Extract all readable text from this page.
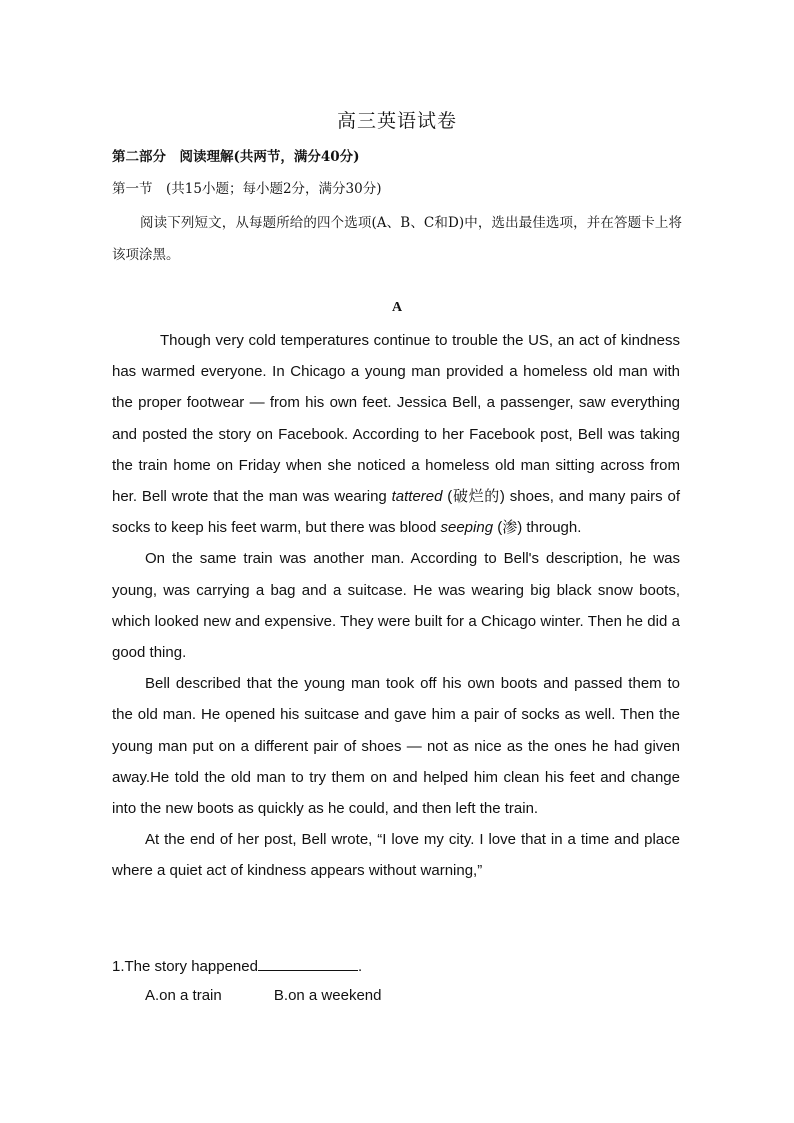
高三英语试卷
第二部分　阅读理解(共两节，满分40分)
第一节　(共15小题；每小题2分，满分30分)
阅读下列短文，从每题所给的四个选项(A、B、C和D)中，选出最佳选项，并在答题卡上将该项涂黑。
A

Though very cold temperatures continue to trouble the US, an act of kindness has warmed everyone. In Chicago a young man provided a homeless old man with the proper footwear — from his own feet. Jessica Bell, a passenger, saw everything and posted the story on Facebook. According to her Facebook post, Bell was taking the train home on Friday when she noticed a homeless old man sitting across from her. Bell wrote that the man was wearing tattered (破烂的) shoes, and many pairs of socks to keep his feet warm, but there was blood seeping (渗) through.

On the same train was another man. According to Bell's description, he was young, was carrying a bag and a suitcase. He was wearing big black snow boots, which looked new and expensive. They were built for a Chicago winter. Then he did a good thing.

Bell described that the young man took off his own boots and passed them to the old man. He opened his suitcase and gave him a pair of socks as well. Then the young man put on a different pair of shoes — not as nice as the ones he had given away.He told the old man to try them on and helped him clean his feet and change into the new boots as quickly as he could, and then left the train.

At the end of her post, Bell wrote, “I love my city. I love that in a time and place where a quiet act of kindness appears without warning,”

1.The story happened	.
A.on a train	B.on a weekend
